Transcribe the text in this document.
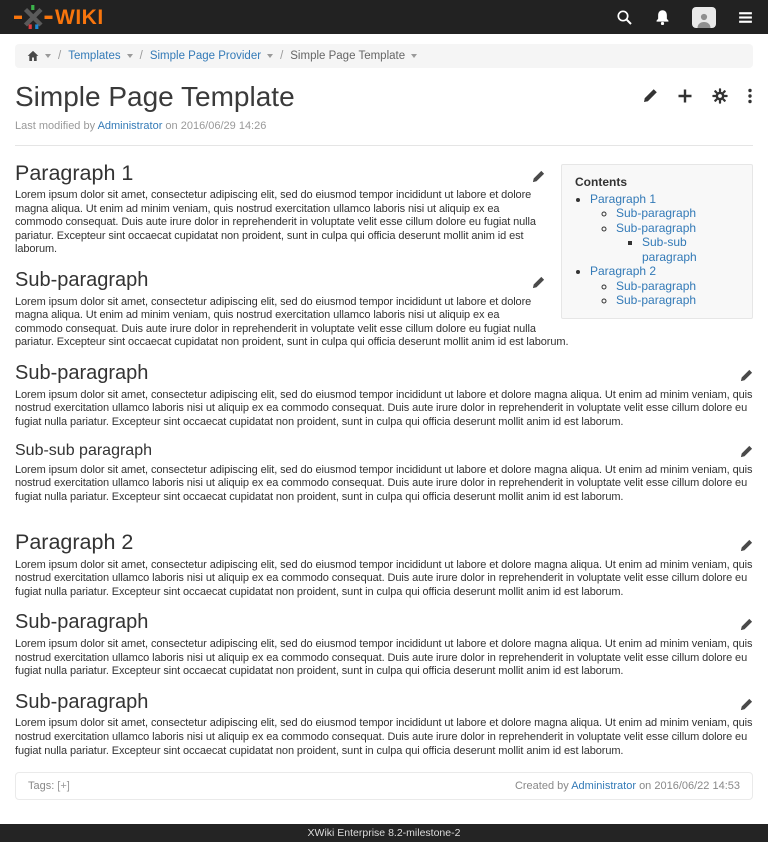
WIKI
/ Templates / Simple Page Provider / Simple Page Template
Simple Page Template
Last modified by Administrator on 2016/06/29 14:26
Contents
• Paragraph 1
◦ Sub-paragraph
◦ Sub-paragraph
▪ Sub-sub paragraph
• Paragraph 2
◦ Sub-paragraph
◦ Sub-paragraph
Paragraph 1

Lorem ipsum dolor sit amet, consectetur adipiscing elit, sed do eiusmod tempor incididunt ut labore et dolore magna aliqua. Ut enim ad minim veniam, quis nostrud exercitation ullamco laboris nisi ut aliquip ex ea commodo consequat. Duis aute irure dolor in reprehenderit in voluptate velit esse cillum dolore eu fugiat nulla pariatur. Excepteur sint occaecat cupidatat non proident, sunt in culpa qui officia deserunt mollit anim id est laborum.

Sub-paragraph

Lorem ipsum dolor sit amet, consectetur adipiscing elit, sed do eiusmod tempor incididunt ut labore et dolore magna aliqua. Ut enim ad minim veniam, quis nostrud exercitation ullamco laboris nisi ut aliquip ex ea commodo consequat. Duis aute irure dolor in reprehenderit in voluptate velit esse cillum dolore eu fugiat nulla pariatur. Excepteur sint occaecat cupidatat non proident, sunt in culpa qui officia deserunt mollit anim id est laborum.

Sub-paragraph

Lorem ipsum dolor sit amet, consectetur adipiscing elit, sed do eiusmod tempor incididunt ut labore et dolore magna aliqua. Ut enim ad minim veniam, quis nostrud exercitation ullamco laboris nisi ut aliquip ex ea commodo consequat. Duis aute irure dolor in reprehenderit in voluptate velit esse cillum dolore eu fugiat nulla pariatur. Excepteur sint occaecat cupidatat non proident, sunt in culpa qui officia deserunt mollit anim id est laborum.

Sub-sub paragraph

Lorem ipsum dolor sit amet, consectetur adipiscing elit, sed do eiusmod tempor incididunt ut labore et dolore magna aliqua. Ut enim ad minim veniam, quis nostrud exercitation ullamco laboris nisi ut aliquip ex ea commodo consequat. Duis aute irure dolor in reprehenderit in voluptate velit esse cillum dolore eu fugiat nulla pariatur. Excepteur sint occaecat cupidatat non proident, sunt in culpa qui officia deserunt mollit anim id est laborum.

Paragraph 2

Lorem ipsum dolor sit amet, consectetur adipiscing elit, sed do eiusmod tempor incididunt ut labore et dolore magna aliqua. Ut enim ad minim veniam, quis nostrud exercitation ullamco laboris nisi ut aliquip ex ea commodo consequat. Duis aute irure dolor in reprehenderit in voluptate velit esse cillum dolore eu fugiat nulla pariatur. Excepteur sint occaecat cupidatat non proident, sunt in culpa qui officia deserunt mollit anim id est laborum.

Sub-paragraph

Lorem ipsum dolor sit amet, consectetur adipiscing elit, sed do eiusmod tempor incididunt ut labore et dolore magna aliqua. Ut enim ad minim veniam, quis nostrud exercitation ullamco laboris nisi ut aliquip ex ea commodo consequat. Duis aute irure dolor in reprehenderit in voluptate velit esse cillum dolore eu fugiat nulla pariatur. Excepteur sint occaecat cupidatat non proident, sunt in culpa qui officia deserunt mollit anim id est laborum.

Sub-paragraph

Lorem ipsum dolor sit amet, consectetur adipiscing elit, sed do eiusmod tempor incididunt ut labore et dolore magna aliqua. Ut enim ad minim veniam, quis nostrud exercitation ullamco laboris nisi ut aliquip ex ea commodo consequat. Duis aute irure dolor in reprehenderit in voluptate velit esse cillum dolore eu fugiat nulla pariatur. Excepteur sint occaecat cupidatat non proident, sunt in culpa qui officia deserunt mollit anim id est laborum.

Tags: [+]	Created by Administrator on 2016/06/22 14:53
XWiki Enterprise 8.2-milestone-2
